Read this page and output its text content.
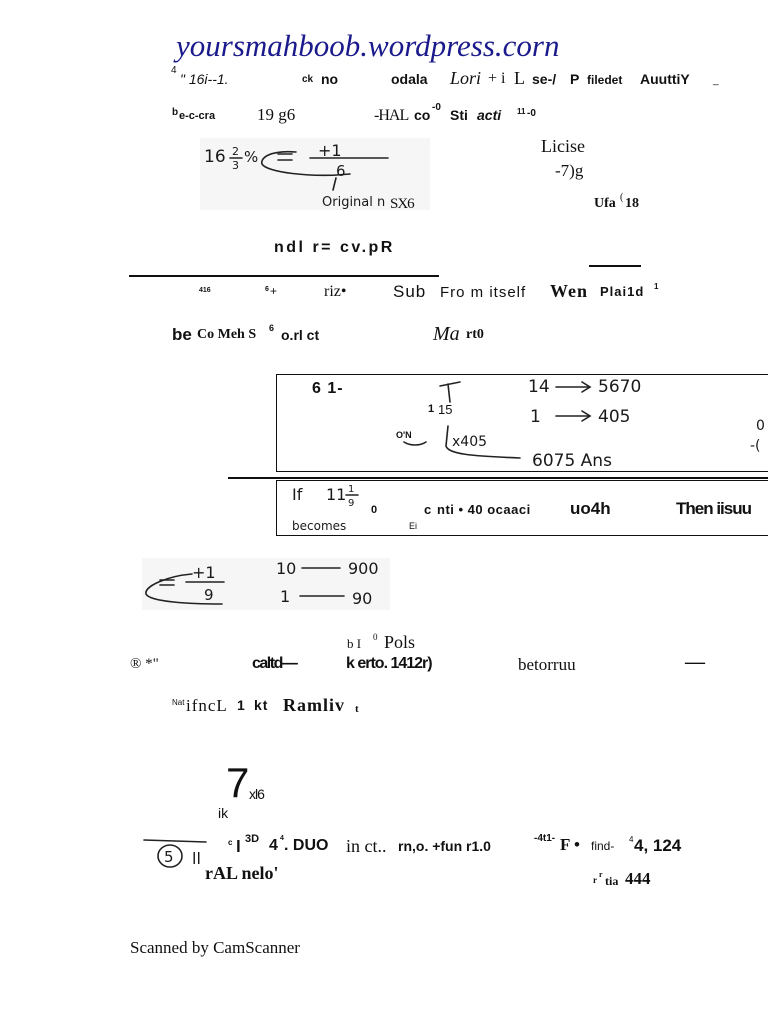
yoursmahboob.wordpress.corn
4
" 16i--1.	ck no	odala Lori + i L se-/ P filedet AuuttiY _
b e-c-cra 19 g6	-HAL co -0 Sti acti 11 -0
16 2
3 %	+1
6
Original n SX6
Licise
-7)g
Ufa ( 18
ndl r= cv.pR
416	6 +	riz•	Sub Fro m itself Wen Plai1d 1
be Co Meh S 6 o.rl ct	Ma rt0
6 1-
1 15
O'N
14	5670
1	405
x405
6075 Ans
0
-(
If 11 1
9
becomes
0	c nti • 40 ocaaci uo4h	Then iisuu
Ei
+1
9
10	900
1	90
b I 0 Pols
® *"	caltd—	k erto. 1412r)	betorruu	—
Nat ifncL 1 kt Ramliv t
7 xl6
ik
5 ll
c l 3D 4 4 . DUO in ct.. rn,o. +fun r1.0	-4t1- F • find- 4 4, 124
rAL nelo'	r
r tia 444
Scanned by CamScanner
